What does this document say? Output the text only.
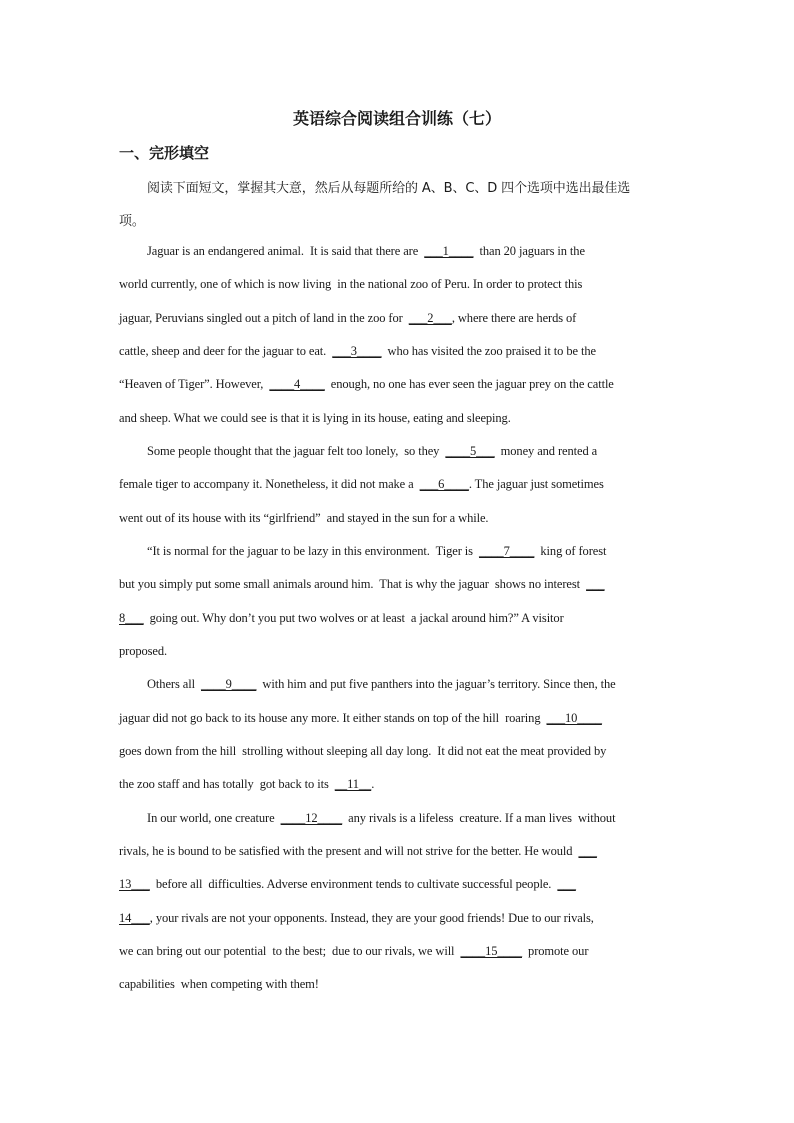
英语综合阅读组合训练（七）
一、完形填空
阅读下面短文，掌握其大意，然后从每题所给的 A、B、C、D 四个选项中选出最佳选
项。
Jaguar is an endangered animal.  It is said that there are  ___1____  than 20 jaguars in the
world currently, one of which is now living  in the national zoo of Peru. In order to protect this
jaguar, Peruvians singled out a pitch of land in the zoo for  ___2___, where there are herds of
cattle, sheep and deer for the jaguar to eat.  ___3____  who has visited the zoo praised it to be the
“Heaven of Tiger”. However,  ____4____  enough, no one has ever seen the jaguar prey on the cattle
and sheep. What we could see is that it is lying in its house, eating and sleeping.
Some people thought that the jaguar felt too lonely,  so they  ____5___  money and rented a
female tiger to accompany it. Nonetheless, it did not make a  ___6____. The jaguar just sometimes
went out of its house with its “girlfriend”  and stayed in the sun for a while.
“It is normal for the jaguar to be lazy in this environment.  Tiger is  ____7____  king of forest
but you simply put some small animals around him.  That is why the jaguar  shows no interest  ___
8___  going out. Why don’t you put two wolves or at least  a jackal around him?” A visitor
proposed.
Others all  ____9____  with him and put five panthers into the jaguar’s territory. Since then, the
jaguar did not go back to its house any more. It either stands on top of the hill  roaring  ___10____
goes down from the hill  strolling without sleeping all day long.  It did not eat the meat provided by
the zoo staff and has totally  got back to its  __11__.
In our world, one creature  ____12____  any rivals is a lifeless  creature. If a man lives  without
rivals, he is bound to be satisfied with the present and will not strive for the better. He would  ___
13___  before all  difficulties. Adverse environment tends to cultivate successful people.  ___
14___, your rivals are not your opponents. Instead, they are your good friends! Due to our rivals,
we can bring out our potential  to the best;  due to our rivals, we will  ____15____  promote our
capabilities  when competing with them!
